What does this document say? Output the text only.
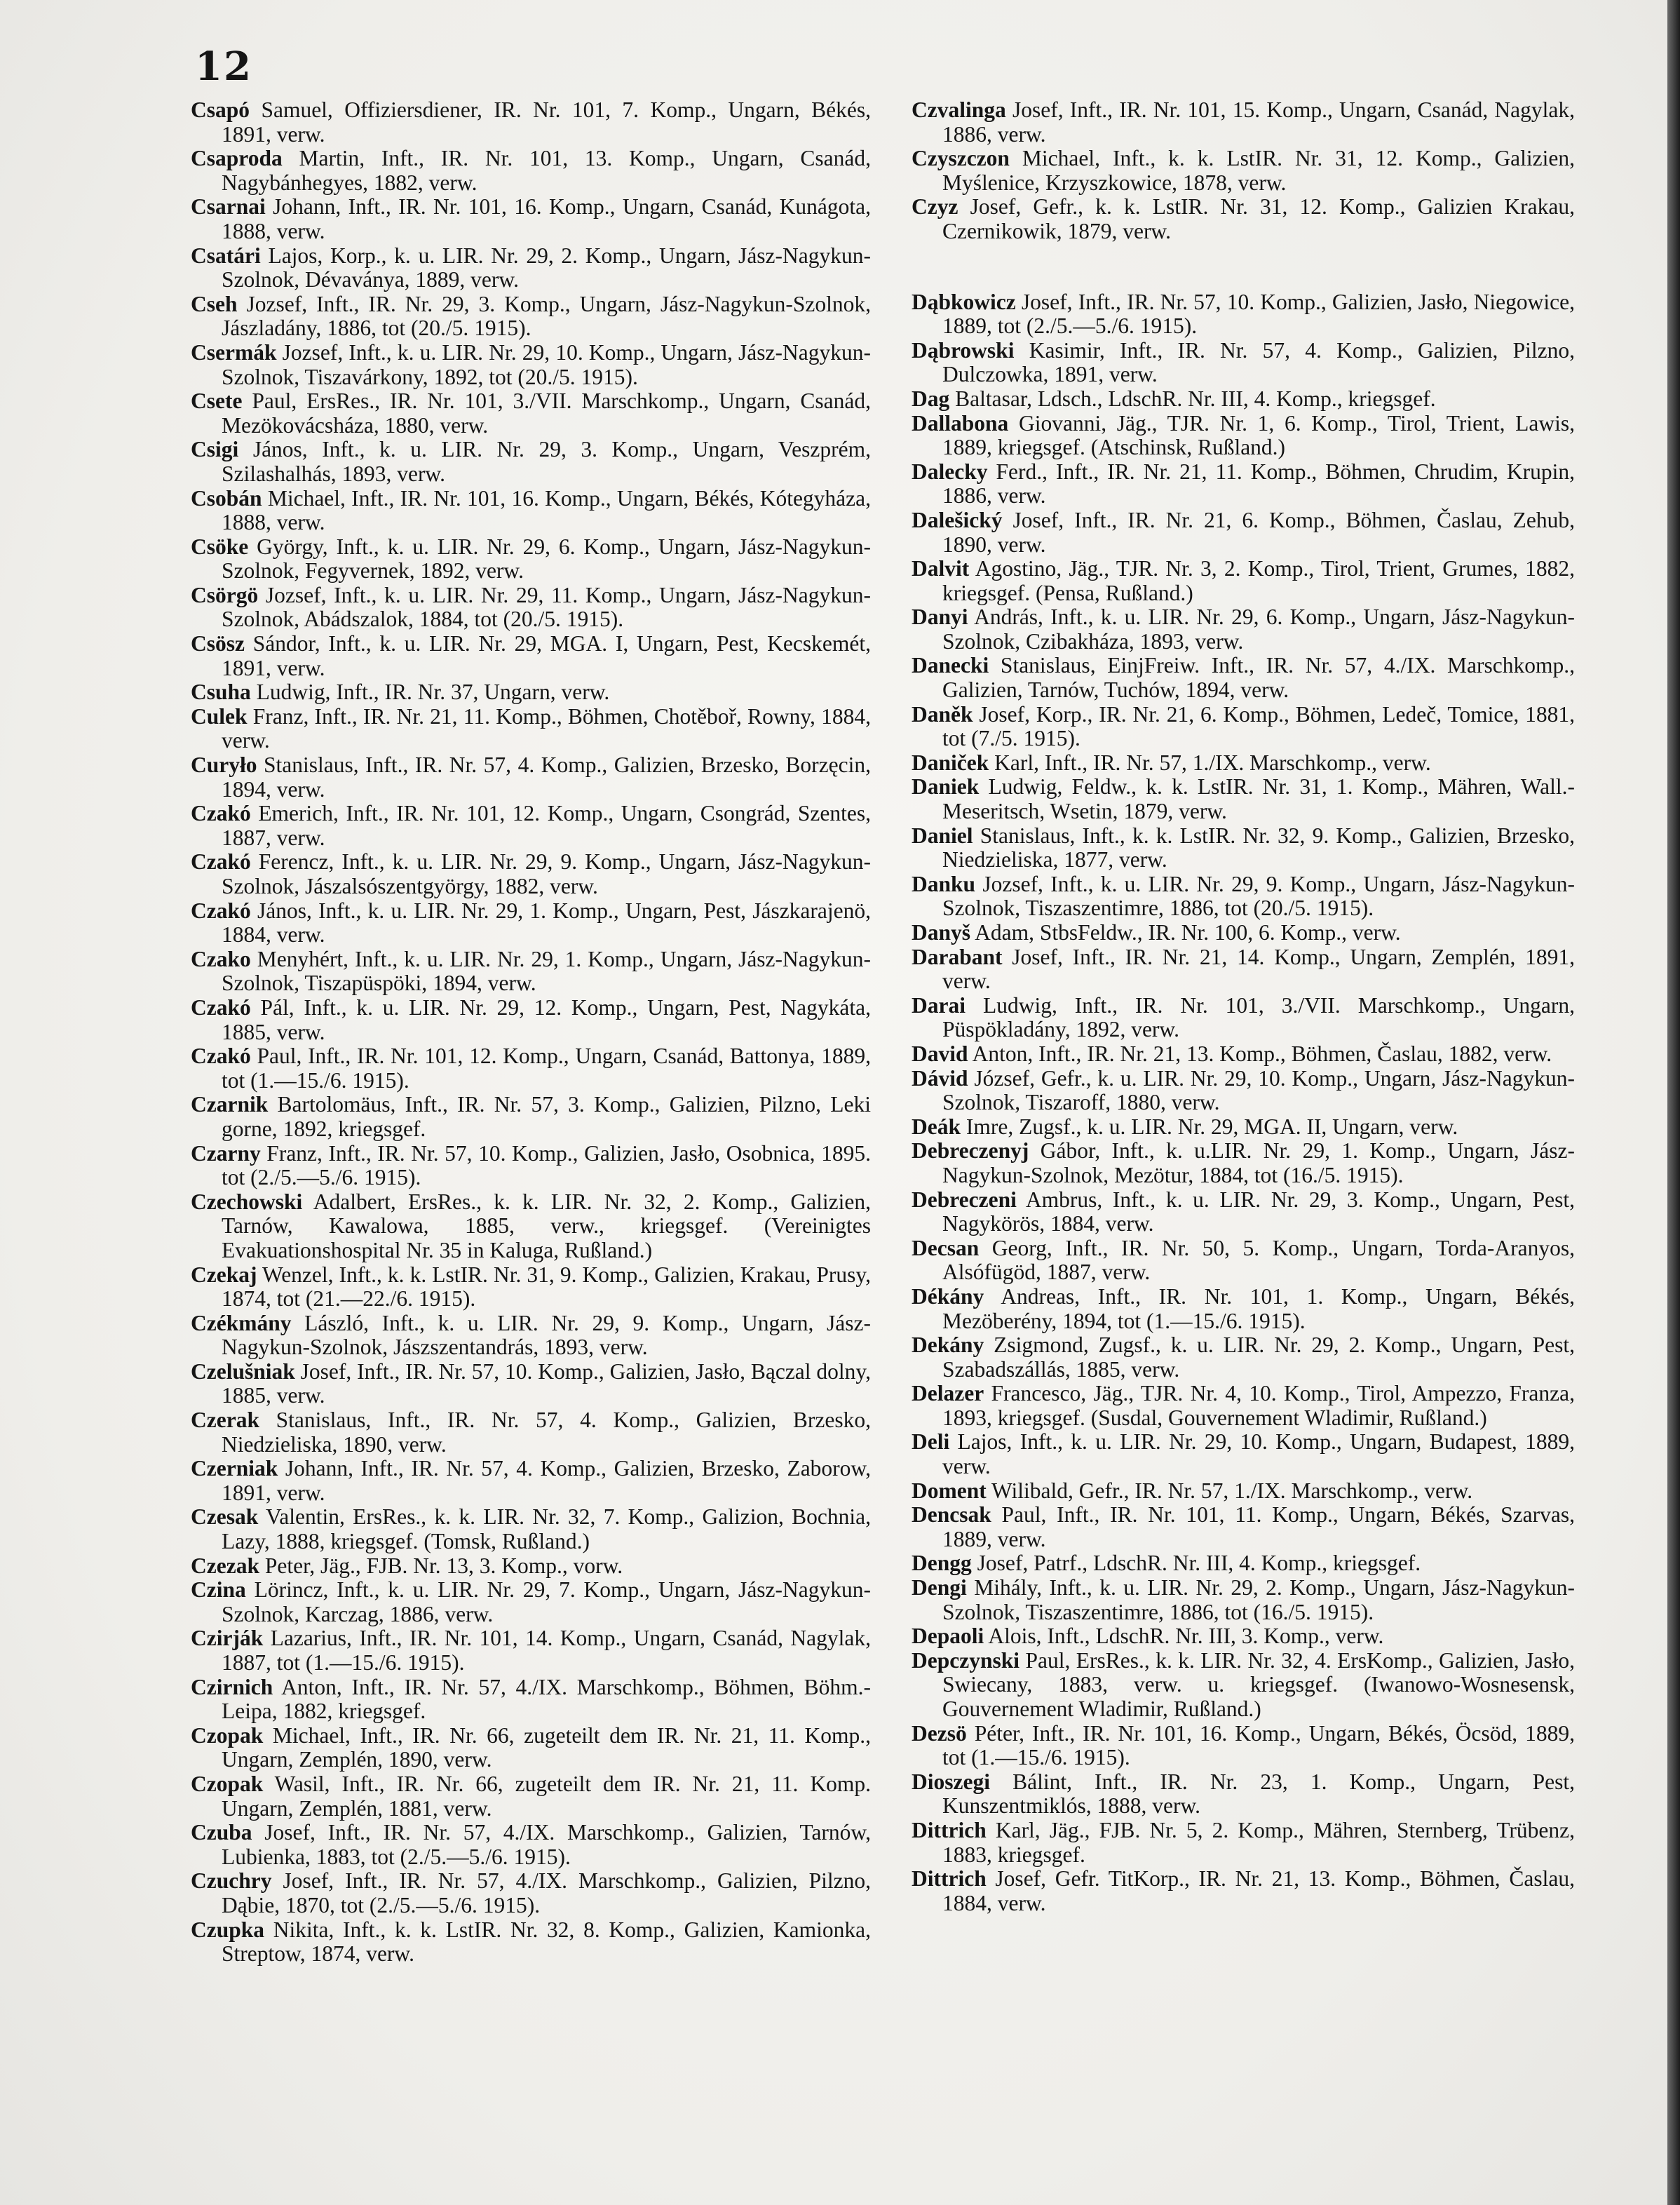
12

Csapó Samuel, Offiziersdiener, IR. Nr. 101, 7. Komp., Ungarn, Békés, 1891, verw.

Csaproda Martin, Inft., IR. Nr. 101, 13. Komp., Ungarn, Csanád, Nagybánhegyes, 1882, verw.

Csarnai Johann, Inft., IR. Nr. 101, 16. Komp., Ungarn, Csanád, Kunágota, 1888, verw.

Csatári Lajos, Korp., k. u. LIR. Nr. 29, 2. Komp., Ungarn, Jász-Nagykun-Szolnok, Dévaványa, 1889, verw.

Cseh Jozsef, Inft., IR. Nr. 29, 3. Komp., Ungarn, Jász-Nagykun-Szolnok, Jászladány, 1886, tot (20./5. 1915).

Csermák Jozsef, Inft., k. u. LIR. Nr. 29, 10. Komp., Ungarn, Jász-Nagykun-Szolnok, Tiszavárkony, 1892, tot (20./5. 1915).

Csete Paul, ErsRes., IR. Nr. 101, 3./VII. Marschkomp., Ungarn, Csanád, Mezökovácsháza, 1880, verw.

Csigi János, Inft., k. u. LIR. Nr. 29, 3. Komp., Ungarn, Veszprém, Szilashalhás, 1893, verw.

Csobán Michael, Inft., IR. Nr. 101, 16. Komp., Ungarn, Békés, Kótegyháza, 1888, verw.

Csöke György, Inft., k. u. LIR. Nr. 29, 6. Komp., Ungarn, Jász-Nagykun-Szolnok, Fegyvernek, 1892, verw.

Csörgö Jozsef, Inft., k. u. LIR. Nr. 29, 11. Komp., Ungarn, Jász-Nagykun-Szolnok, Abádszalok, 1884, tot (20./5. 1915).

Csösz Sándor, Inft., k. u. LIR. Nr. 29, MGA. I, Ungarn, Pest, Kecskemét, 1891, verw.

Csuha Ludwig, Inft., IR. Nr. 37, Ungarn, verw.

Culek Franz, Inft., IR. Nr. 21, 11. Komp., Böhmen, Chotěboř, Rowny, 1884, verw.

Curyło Stanislaus, Inft., IR. Nr. 57, 4. Komp., Galizien, Brzesko, Borzęcin, 1894, verw.

Czakó Emerich, Inft., IR. Nr. 101, 12. Komp., Ungarn, Csongrád, Szentes, 1887, verw.

Czakó Ferencz, Inft., k. u. LIR. Nr. 29, 9. Komp., Ungarn, Jász-Nagykun-Szolnok, Jászalsószentgyörgy, 1882, verw.

Czakó János, Inft., k. u. LIR. Nr. 29, 1. Komp., Ungarn, Pest, Jászkarajenö, 1884, verw.

Czako Menyhért, Inft., k. u. LIR. Nr. 29, 1. Komp., Ungarn, Jász-Nagykun-Szolnok, Tiszapüspöki, 1894, verw.

Czakó Pál, Inft., k. u. LIR. Nr. 29, 12. Komp., Ungarn, Pest, Nagykáta, 1885, verw.

Czakó Paul, Inft., IR. Nr. 101, 12. Komp., Ungarn, Csanád, Battonya, 1889, tot (1.—15./6. 1915).

Czarnik Bartolomäus, Inft., IR. Nr. 57, 3. Komp., Galizien, Pilzno, Leki gorne, 1892, kriegsgef.

Czarny Franz, Inft., IR. Nr. 57, 10. Komp., Galizien, Jasło, Osobnica, 1895. tot (2./5.—5./6. 1915).

Czechowski Adalbert, ErsRes., k. k. LIR. Nr. 32, 2. Komp., Galizien, Tarnów, Kawalowa, 1885, verw., kriegsgef. (Vereinigtes Evakuationshospital Nr. 35 in Kaluga, Rußland.)

Czekaj Wenzel, Inft., k. k. LstIR. Nr. 31, 9. Komp., Galizien, Krakau, Prusy, 1874, tot (21.—22./6. 1915).

Czékmány László, Inft., k. u. LIR. Nr. 29, 9. Komp., Ungarn, Jász-Nagykun-Szolnok, Jászszentandrás, 1893, verw.

Czelušniak Josef, Inft., IR. Nr. 57, 10. Komp., Galizien, Jasło, Bączal dolny, 1885, verw.

Czerak Stanislaus, Inft., IR. Nr. 57, 4. Komp., Galizien, Brzesko, Niedzieliska, 1890, verw.

Czerniak Johann, Inft., IR. Nr. 57, 4. Komp., Galizien, Brzesko, Zaborow, 1891, verw.

Czesak Valentin, ErsRes., k. k. LIR. Nr. 32, 7. Komp., Galizion, Bochnia, Lazy, 1888, kriegsgef. (Tomsk, Rußland.)

Czezak Peter, Jäg., FJB. Nr. 13, 3. Komp., vorw.

Czina Lörincz, Inft., k. u. LIR. Nr. 29, 7. Komp., Ungarn, Jász-Nagykun-Szolnok, Karczag, 1886, verw.

Czirják Lazarius, Inft., IR. Nr. 101, 14. Komp., Ungarn, Csanád, Nagylak, 1887, tot (1.—15./6. 1915).

Czirnich Anton, Inft., IR. Nr. 57, 4./IX. Marschkomp., Böhmen, Böhm.-Leipa, 1882, kriegsgef.

Czopak Michael, Inft., IR. Nr. 66, zugeteilt dem IR. Nr. 21, 11. Komp., Ungarn, Zemplén, 1890, verw.

Czopak Wasil, Inft., IR. Nr. 66, zugeteilt dem IR. Nr. 21, 11. Komp. Ungarn, Zemplén, 1881, verw.

Czuba Josef, Inft., IR. Nr. 57, 4./IX. Marschkomp., Galizien, Tarnów, Lubienka, 1883, tot (2./5.—5./6. 1915).

Czuchry Josef, Inft., IR. Nr. 57, 4./IX. Marschkomp., Galizien, Pilzno, Dąbie, 1870, tot (2./5.—5./6. 1915).

Czupka Nikita, Inft., k. k. LstIR. Nr. 32, 8. Komp., Galizien, Kamionka, Streptow, 1874, verw.

Czvalinga Josef, Inft., IR. Nr. 101, 15. Komp., Ungarn, Csanád, Nagylak, 1886, verw.

Czyszczon Michael, Inft., k. k. LstIR. Nr. 31, 12. Komp., Galizien, Myślenice, Krzyszkowice, 1878, verw.

Czyz Josef, Gefr., k. k. LstIR. Nr. 31, 12. Komp., Galizien Krakau, Czernikowik, 1879, verw.

Dąbkowicz Josef, Inft., IR. Nr. 57, 10. Komp., Galizien, Jasło, Niegowice, 1889, tot (2./5.—5./6. 1915).

Dąbrowski Kasimir, Inft., IR. Nr. 57, 4. Komp., Galizien, Pilzno, Dulczowka, 1891, verw.

Dag Baltasar, Ldsch., LdschR. Nr. III, 4. Komp., kriegsgef.

Dallabona Giovanni, Jäg., TJR. Nr. 1, 6. Komp., Tirol, Trient, Lawis, 1889, kriegsgef. (Atschinsk, Rußland.)

Dalecky Ferd., Inft., IR. Nr. 21, 11. Komp., Böhmen, Chrudim, Krupin, 1886, verw.

Dalešický Josef, Inft., IR. Nr. 21, 6. Komp., Böhmen, Časlau, Zehub, 1890, verw.

Dalvit Agostino, Jäg., TJR. Nr. 3, 2. Komp., Tirol, Trient, Grumes, 1882, kriegsgef. (Pensa, Rußland.)

Danyi András, Inft., k. u. LIR. Nr. 29, 6. Komp., Ungarn, Jász-Nagykun-Szolnok, Czibakháza, 1893, verw.

Danecki Stanislaus, EinjFreiw. Inft., IR. Nr. 57, 4./IX. Marschkomp., Galizien, Tarnów, Tuchów, 1894, verw.

Daněk Josef, Korp., IR. Nr. 21, 6. Komp., Böhmen, Ledeč, Tomice, 1881, tot (7./5. 1915).

Daniček Karl, Inft., IR. Nr. 57, 1./IX. Marschkomp., verw.

Daniek Ludwig, Feldw., k. k. LstIR. Nr. 31, 1. Komp., Mähren, Wall.-Meseritsch, Wsetin, 1879, verw.

Daniel Stanislaus, Inft., k. k. LstIR. Nr. 32, 9. Komp., Galizien, Brzesko, Niedzieliska, 1877, verw.

Danku Jozsef, Inft., k. u. LIR. Nr. 29, 9. Komp., Ungarn, Jász-Nagykun-Szolnok, Tiszaszentimre, 1886, tot (20./5. 1915).

Danyš Adam, StbsFeldw., IR. Nr. 100, 6. Komp., verw.

Darabant Josef, Inft., IR. Nr. 21, 14. Komp., Ungarn, Zemplén, 1891, verw.

Darai Ludwig, Inft., IR. Nr. 101, 3./VII. Marschkomp., Ungarn, Püspökladány, 1892, verw.

David Anton, Inft., IR. Nr. 21, 13. Komp., Böhmen, Časlau, 1882, verw.

Dávid József, Gefr., k. u. LIR. Nr. 29, 10. Komp., Ungarn, Jász-Nagykun-Szolnok, Tiszaroff, 1880, verw.

Deák Imre, Zugsf., k. u. LIR. Nr. 29, MGA. II, Ungarn, verw.

Debreczenyj Gábor, Inft., k. u.LIR. Nr. 29, 1. Komp., Ungarn, Jász-Nagykun-Szolnok, Mezötur, 1884, tot (16./5. 1915).

Debreczeni Ambrus, Inft., k. u. LIR. Nr. 29, 3. Komp., Ungarn, Pest, Nagykörös, 1884, verw.

Decsan Georg, Inft., IR. Nr. 50, 5. Komp., Ungarn, Torda-Aranyos, Alsófügöd, 1887, verw.

Dékány Andreas, Inft., IR. Nr. 101, 1. Komp., Ungarn, Békés, Mezöberény, 1894, tot (1.—15./6. 1915).

Dekány Zsigmond, Zugsf., k. u. LIR. Nr. 29, 2. Komp., Ungarn, Pest, Szabadszállás, 1885, verw.

Delazer Francesco, Jäg., TJR. Nr. 4, 10. Komp., Tirol, Ampezzo, Franza, 1893, kriegsgef. (Susdal, Gouvernement Wladimir, Rußland.)

Deli Lajos, Inft., k. u. LIR. Nr. 29, 10. Komp., Ungarn, Budapest, 1889, verw.

Doment Wilibald, Gefr., IR. Nr. 57, 1./IX. Marschkomp., verw.

Dencsak Paul, Inft., IR. Nr. 101, 11. Komp., Ungarn, Békés, Szarvas, 1889, verw.

Dengg Josef, Patrf., LdschR. Nr. III, 4. Komp., kriegsgef.

Dengi Mihály, Inft., k. u. LIR. Nr. 29, 2. Komp., Ungarn, Jász-Nagykun-Szolnok, Tiszaszentimre, 1886, tot (16./5. 1915).

Depaoli Alois, Inft., LdschR. Nr. III, 3. Komp., verw.

Depczynski Paul, ErsRes., k. k. LIR. Nr. 32, 4. ErsKomp., Galizien, Jasło, Swiecany, 1883, verw. u. kriegsgef. (Iwanowo-Wosnesensk, Gouvernement Wladimir, Rußland.)

Dezsö Péter, Inft., IR. Nr. 101, 16. Komp., Ungarn, Békés, Öcsöd, 1889, tot (1.—15./6. 1915).

Dioszegi Bálint, Inft., IR. Nr. 23, 1. Komp., Ungarn, Pest, Kunszentmiklós, 1888, verw.

Dittrich Karl, Jäg., FJB. Nr. 5, 2. Komp., Mähren, Sternberg, Trübenz, 1883, kriegsgef.

Dittrich Josef, Gefr. TitKorp., IR. Nr. 21, 13. Komp., Böhmen, Časlau, 1884, verw.
